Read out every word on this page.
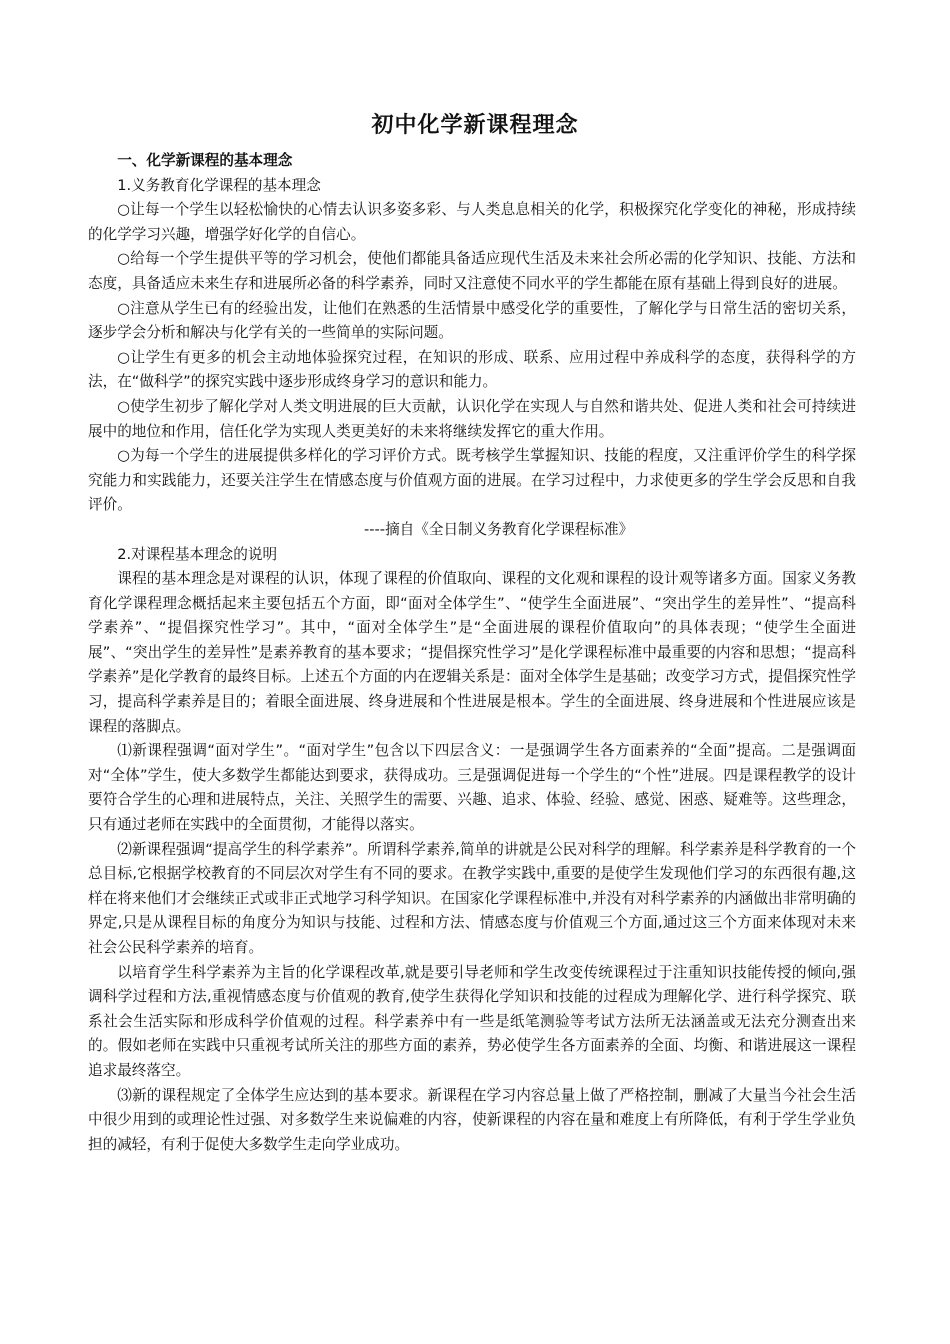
初中化学新课程理念

一、化学新课程的基本理念

1.义务教育化学课程的基本理念

○让每一个学生以轻松愉快的心情去认识多姿多彩、与人类息息相关的化学，积极探究化学变化的神秘，形成持续的化学学习兴趣，增强学好化学的自信心。

○给每一个学生提供平等的学习机会，使他们都能具备适应现代生活及未来社会所必需的化学知识、技能、方法和态度，具备适应未来生存和进展所必备的科学素养，同时又注意使不同水平的学生都能在原有基础上得到良好的进展。

○注意从学生已有的经验出发，让他们在熟悉的生活情景中感受化学的重要性，了解化学与日常生活的密切关系，逐步学会分析和解决与化学有关的一些简单的实际问题。

○让学生有更多的机会主动地体验探究过程，在知识的形成、联系、应用过程中养成科学的态度，获得科学的方法，在“做科学”的探究实践中逐步形成终身学习的意识和能力。

○使学生初步了解化学对人类文明进展的巨大贡献，认识化学在实现人与自然和谐共处、促进人类和社会可持续进展中的地位和作用，信任化学为实现人类更美好的未来将继续发挥它的重大作用。

○为每一个学生的进展提供多样化的学习评价方式。既考核学生掌握知识、技能的程度，又注重评价学生的科学探究能力和实践能力，还要关注学生在情感态度与价值观方面的进展。在学习过程中，力求使更多的学生学会反思和自我评价。

----摘自《全日制义务教育化学课程标准》

2.对课程基本理念的说明

课程的基本理念是对课程的认识，体现了课程的价值取向、课程的文化观和课程的设计观等诸多方面。国家义务教育化学课程理念概括起来主要包括五个方面，即“面对全体学生”、“使学生全面进展”、“突出学生的差异性”、“提高科学素养”、“提倡探究性学习”。其中，“面对全体学生”是“全面进展的课程价值取向”的具体表现；“使学生全面进展”、“突出学生的差异性”是素养教育的基本要求；“提倡探究性学习”是化学课程标准中最重要的内容和思想；“提高科学素养”是化学教育的最终目标。上述五个方面的内在逻辑关系是：面对全体学生是基础；改变学习方式，提倡探究性学习，提高科学素养是目的；着眼全面进展、终身进展和个性进展是根本。学生的全面进展、终身进展和个性进展应该是课程的落脚点。

⑴新课程强调“面对学生”。“面对学生”包含以下四层含义：一是强调学生各方面素养的“全面”提高。二是强调面对“全体”学生，使大多数学生都能达到要求，获得成功。三是强调促进每一个学生的“个性”进展。四是课程教学的设计要符合学生的心理和进展特点，关注、关照学生的需要、兴趣、追求、体验、经验、感觉、困惑、疑难等。这些理念，只有通过老师在实践中的全面贯彻，才能得以落实。

⑵新课程强调“提高学生的科学素养”。所谓科学素养,简单的讲就是公民对科学的理解。科学素养是科学教育的一个总目标,它根据学校教育的不同层次对学生有不同的要求。在教学实践中,重要的是使学生发现他们学习的东西很有趣,这样在将来他们才会继续正式或非正式地学习科学知识。在国家化学课程标准中,并没有对科学素养的内涵做出非常明确的界定,只是从课程目标的角度分为知识与技能、过程和方法、情感态度与价值观三个方面,通过这三个方面来体现对未来社会公民科学素养的培育。

以培育学生科学素养为主旨的化学课程改革,就是要引导老师和学生改变传统课程过于注重知识技能传授的倾向,强调科学过程和方法,重视情感态度与价值观的教育,使学生获得化学知识和技能的过程成为理解化学、进行科学探究、联系社会生活实际和形成科学价值观的过程。科学素养中有一些是纸笔测验等考试方法所无法涵盖或无法充分测查出来的。假如老师在实践中只重视考试所关注的那些方面的素养，势必使学生各方面素养的全面、均衡、和谐进展这一课程追求最终落空。

⑶新的课程规定了全体学生应达到的基本要求。新课程在学习内容总量上做了严格控制，删减了大量当今社会生活中很少用到的或理论性过强、对多数学生来说偏难的内容，使新课程的内容在量和难度上有所降低，有利于学生学业负担的减轻，有利于促使大多数学生走向学业成功。
